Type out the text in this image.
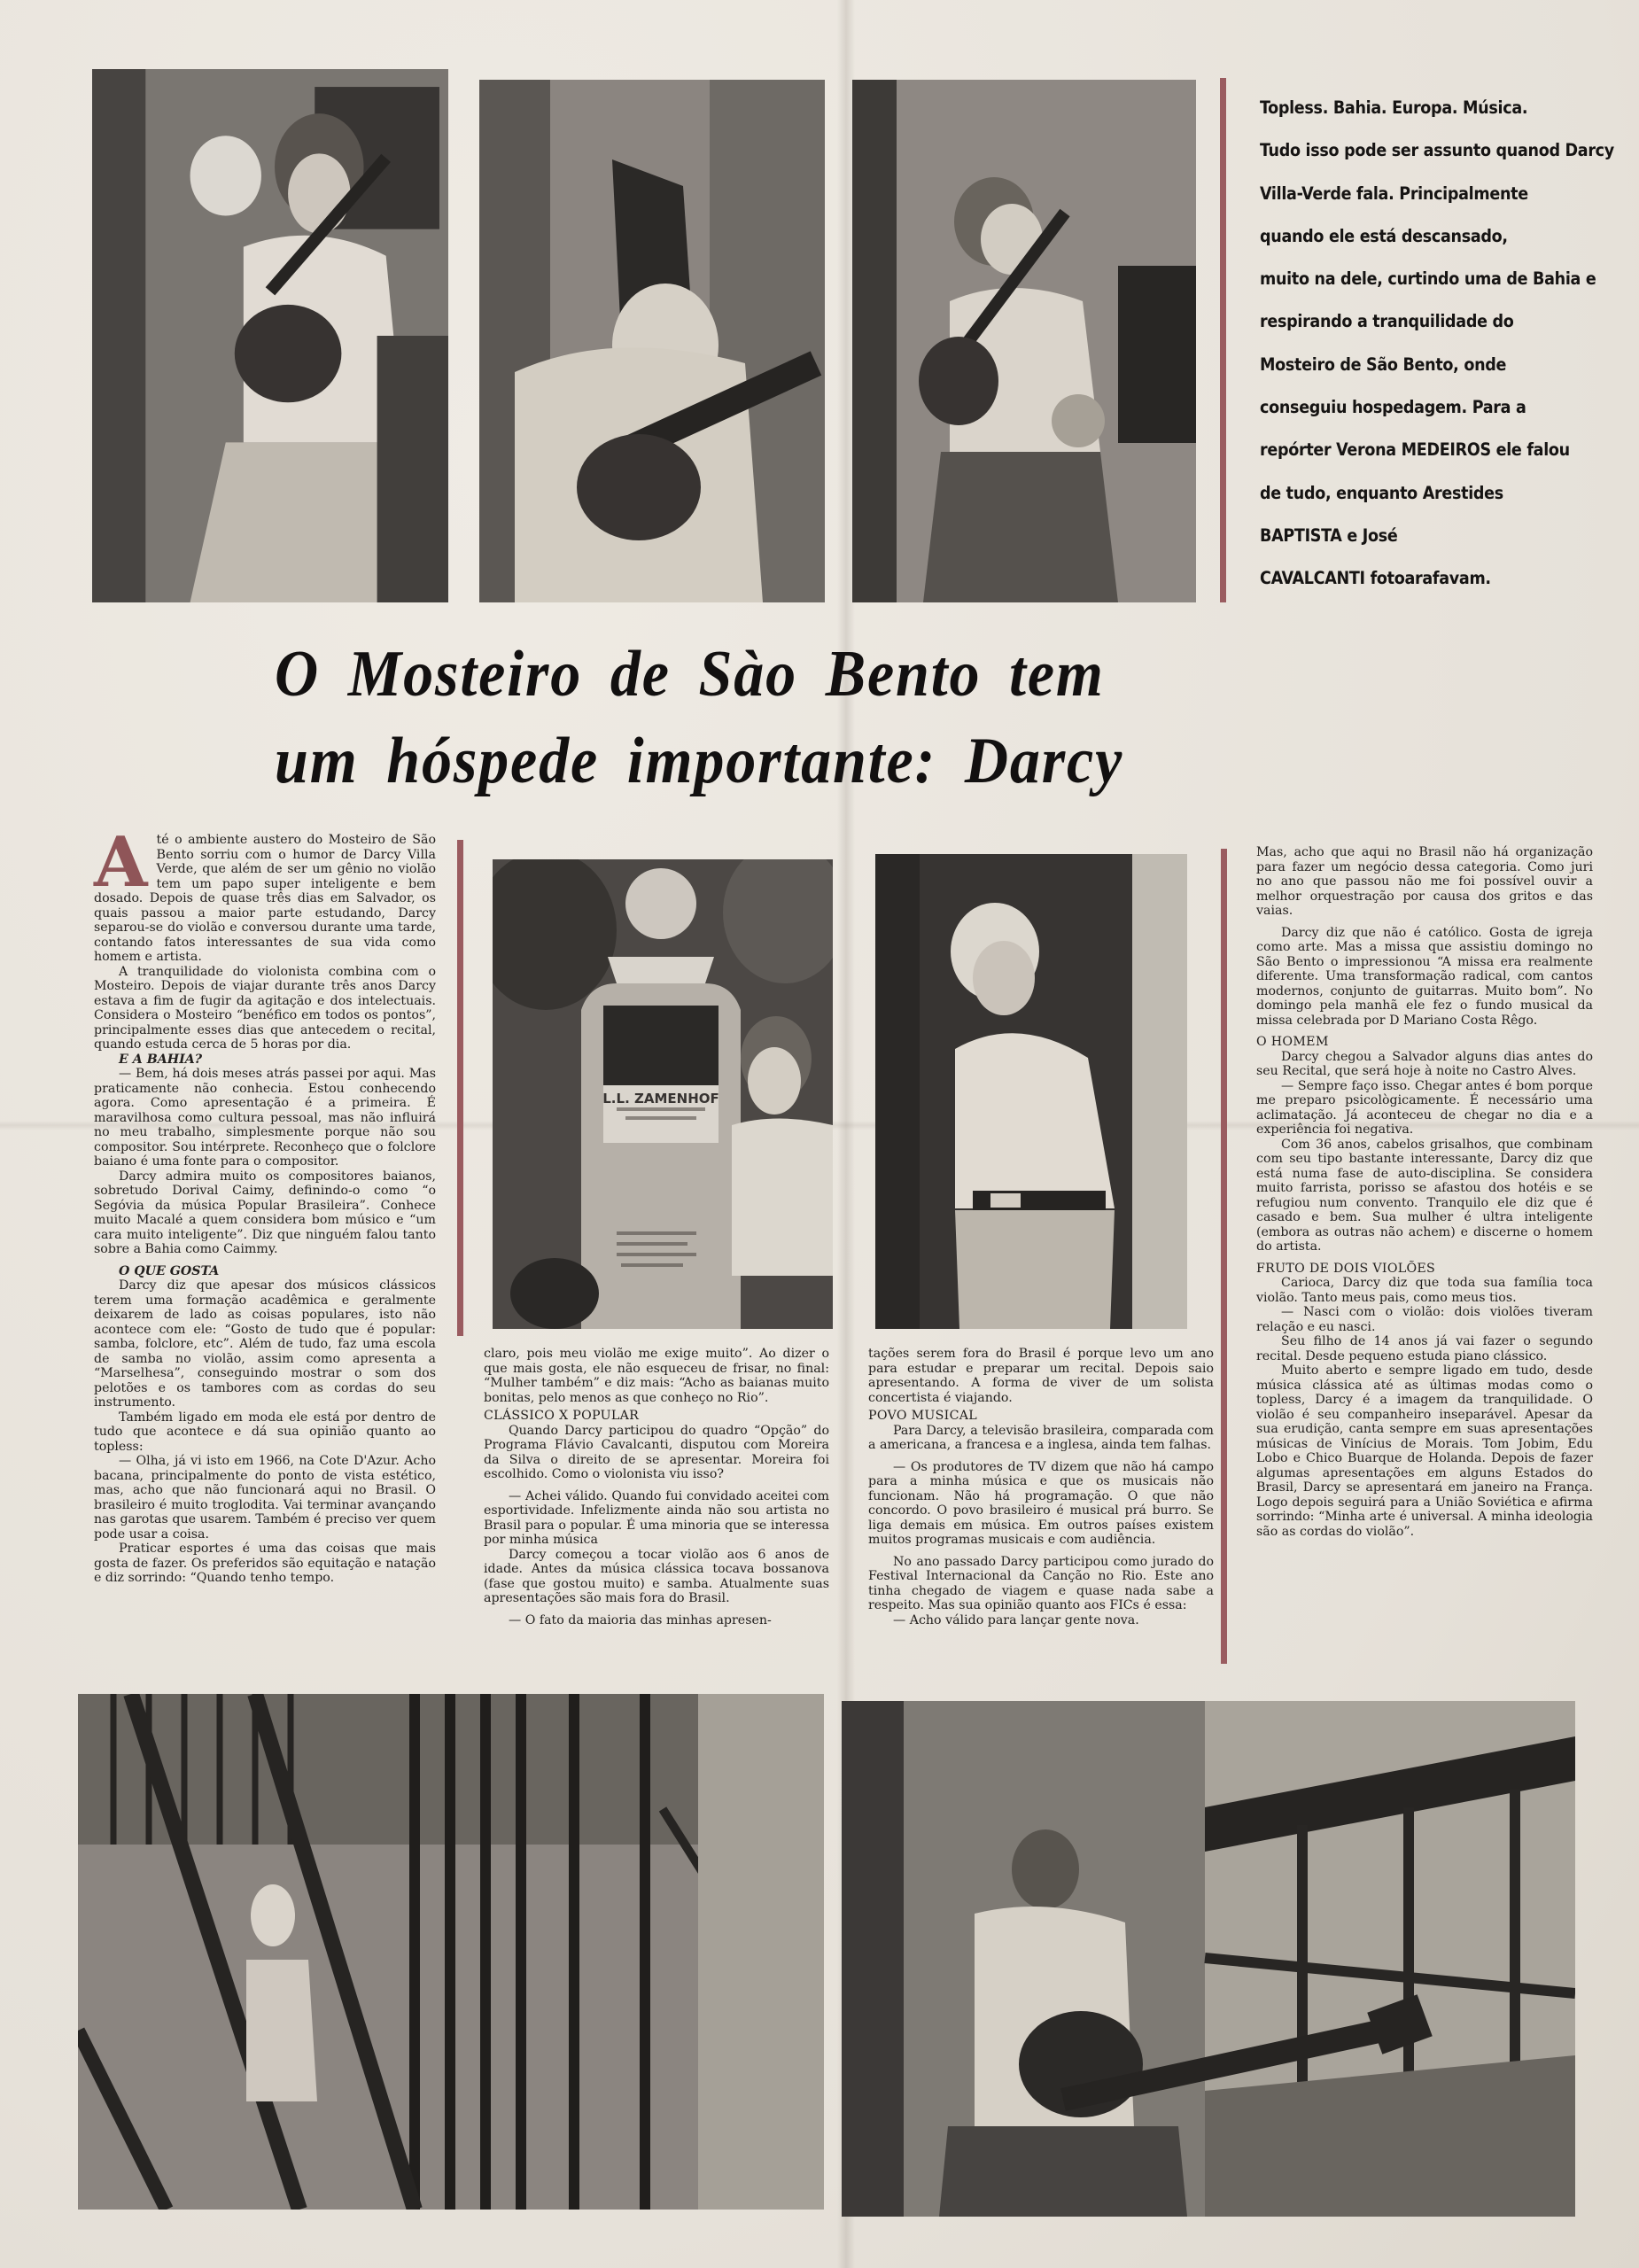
Topless. Bahia. Europa. Música.
Tudo isso pode ser assunto quanod Darcy
Villa-Verde fala. Principalmente
quando ele está descansado,
muito na dele, curtindo uma de Bahia e
respirando a tranquilidade do
Mosteiro de São Bento, onde
conseguiu hospedagem. Para a
repórter Verona MEDEIROS ele falou
de tudo, enquanto Arestides
BAPTISTA e José
CAVALCANTI fotoarafavam.
O Mosteiro de Sào Bento tem
um hóspede importante: Darcy

A té o ambiente austero do Mosteiro de São Bento sorriu com o humor de Darcy Villa Verde, que além de ser um gênio no violão tem um papo super inteligente e bem dosado. Depois de quase três dias em Salvador, os quais passou a maior parte estudando, Darcy separou-se do violão e conversou durante uma tarde, contando fatos interessantes de sua vida como homem e artista.

A tranquilidade do violonista combina com o Mosteiro. Depois de viajar durante três anos Darcy estava a fim de fugir da agitação e dos intelectuais. Considera o Mosteiro “benéfico em todos os pontos”, principalmente esses dias que antecedem o recital, quando estuda cerca de 5 horas por dia.

E A BAHIA?

— Bem, há dois meses atrás passei por aqui. Mas praticamente não conhecia. Estou conhecendo agora. Como apresentação é a primeira. É maravilhosa como cultura pessoal, mas não influirá no meu trabalho, simplesmente porque não sou compositor. Sou intérprete. Reconheço que o folclore baiano é uma fonte para o compositor.

Darcy admira muito os compositores baianos, sobretudo Dorival Caimy, definindo-o como “o Segóvia da música Popular Brasileira”. Conhece muito Macalé a quem considera bom músico e “um cara muito inteligente”. Diz que ninguém falou tanto sobre a Bahia como Caimmy.

O QUE GOSTA

Darcy diz que apesar dos músicos clássicos terem uma formação acadêmica e geralmente deixarem de lado as coisas populares, isto não acontece com ele: “Gosto de tudo que é popular: samba, folclore, etc”. Além de tudo, faz uma escola de samba no violão, assim como apresenta a “Marselhesa”, conseguindo mostrar o som dos pelotões e os tambores com as cordas do seu instrumento.

Também ligado em moda ele está por dentro de tudo que acontece e dá sua opinião quanto ao topless:

— Olha, já vi isto em 1966, na Cote D'Azur. Acho bacana, principalmente do ponto de vista estético, mas, acho que não funcionará aqui no Brasil. O brasileiro é muito troglodita. Vai terminar avançando nas garotas que usarem. Também é preciso ver quem pode usar a coisa.

Praticar esportes é uma das coisas que mais gosta de fazer. Os preferidos são equitação e natação e diz sorrindo: “Quando tenho tempo.

L.L. ZAMENHOF

claro, pois meu violão me exige muito”. Ao dizer o que mais gosta, ele não esqueceu de frisar, no final: “Mulher também” e diz mais: “Acho as baianas muito bonitas, pelo menos as que conheço no Rio”.

CLÁSSICO X POPULAR

Quando Darcy participou do quadro “Opção” do Programa Flávio Cavalcanti, disputou com Moreira da Silva o direito de se apresentar. Moreira foi escolhido. Como o violonista viu isso?

— Achei válido. Quando fui convidado aceitei com esportividade. Infelizmente ainda não sou artista no Brasil para o popular. É uma minoria que se interessa por minha música

Darcy começou a tocar violão aos 6 anos de idade. Antes da música clássica tocava bossanova (fase que gostou muito) e samba. Atualmente suas apresentações são mais fora do Brasil.

— O fato da maioria das minhas apresen-

tações serem fora do Brasil é porque levo um ano para estudar e preparar um recital. Depois saio apresentando. A forma de viver de um solista concertista é viajando.

POVO MUSICAL

Para Darcy, a televisão brasileira, comparada com a americana, a francesa e a inglesa, ainda tem falhas.

— Os produtores de TV dizem que não há campo para a minha música e que os musicais não funcionam. Não há programação. O que não concordo. O povo brasileiro é musical prá burro. Se liga demais em música. Em outros países existem muitos programas musicais e com audiência.

No ano passado Darcy participou como jurado do Festival Internacional da Canção no Rio. Este ano tinha chegado de viagem e quase nada sabe a respeito. Mas sua opinião quanto aos FICs é essa:

— Acho válido para lançar gente nova.

Mas, acho que aqui no Brasil não há organização para fazer um negócio dessa categoria. Como juri no ano que passou não me foi possível ouvir a melhor orquestração por causa dos gritos e das vaias.

Darcy diz que não é católico. Gosta de igreja como arte. Mas a missa que assistiu domingo no São Bento o impressionou “A missa era realmente diferente. Uma transformação radical, com cantos modernos, conjunto de guitarras. Muito bom”. No domingo pela manhã ele fez o fundo musical da missa celebrada por D Mariano Costa Rêgo.

O HOMEM

Darcy chegou a Salvador alguns dias antes do seu Recital, que será hoje à noite no Castro Alves.

— Sempre faço isso. Chegar antes é bom porque me preparo psicològicamente. É necessário uma aclimatação. Já aconteceu de chegar no dia e a experiência foi negativa.

Com 36 anos, cabelos grisalhos, que combinam com seu tipo bastante interessante, Darcy diz que está numa fase de auto-disciplina. Se considera muito farrista, porisso se afastou dos hotéis e se refugiou num convento. Tranquilo ele diz que é casado e bem. Sua mulher é ultra inteligente (embora as outras não achem) e discerne o homem do artista.

FRUTO DE DOIS VIOLÕES

Carioca, Darcy diz que toda sua família toca violão. Tanto meus pais, como meus tios.

— Nasci com o violão: dois violões tiveram relação e eu nasci.

Seu filho de 14 anos já vai fazer o segundo recital. Desde pequeno estuda piano clássico.

Muito aberto e sempre ligado em tudo, desde música clássica até as últimas modas como o topless, Darcy é a imagem da tranquilidade. O violão é seu companheiro inseparável. Apesar da sua erudição, canta sempre em suas apresentações músicas de Vinícius de Morais. Tom Jobim, Edu Lobo e Chico Buarque de Holanda. Depois de fazer algumas apresentações em alguns Estados do Brasil, Darcy se apresentará em janeiro na França. Logo depois seguirá para a União Soviética e afirma sorrindo: “Minha arte é universal. A minha ideologia são as cordas do violão”.
